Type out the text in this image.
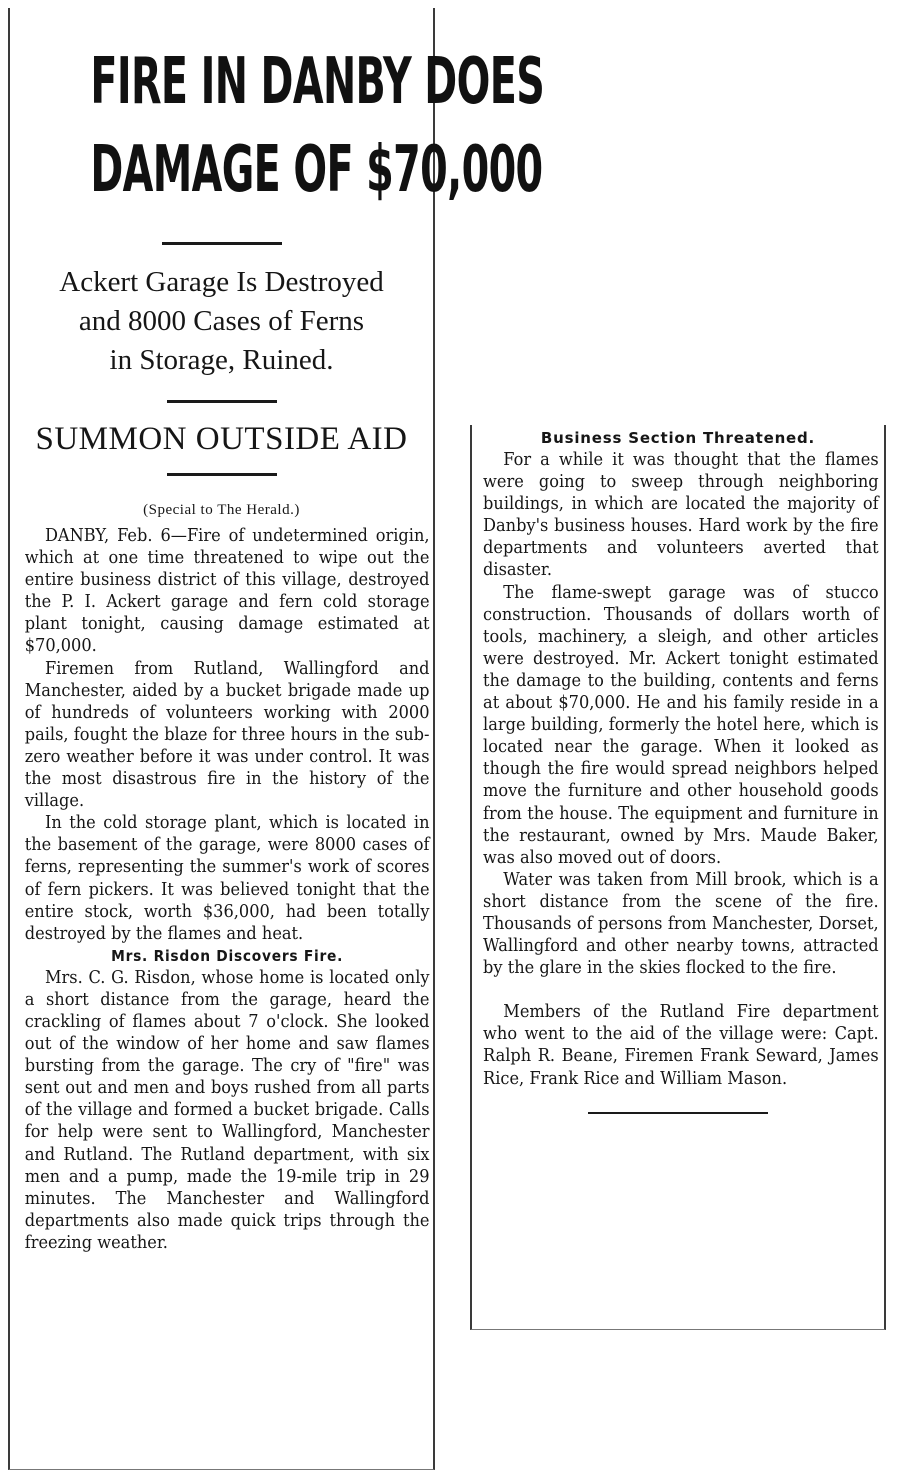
FIRE IN DANBY DOES
DAMAGE OF $70,000

Ackert Garage Is Destroyed

and 8000 Cases of Ferns

in Storage, Ruined.

SUMMON OUTSIDE AID

(Special to The Herald.)

DANBY, Feb. 6—Fire of undetermined origin, which at one time threatened to wipe out the entire business district of this village, destroyed the P. I. Ackert garage and fern cold storage plant tonight, causing damage estimated at $70,000.

Firemen from Rutland, Wallingford and Manchester, aided by a bucket brigade made up of hundreds of volunteers working with 2000 pails, fought the blaze for three hours in the sub-zero weather before it was under control. It was the most disastrous fire in the history of the village.

In the cold storage plant, which is located in the basement of the garage, were 8000 cases of ferns, representing the summer's work of scores of fern pickers. It was believed tonight that the entire stock, worth $36,000, had been totally destroyed by the flames and heat.

Mrs. Risdon Discovers Fire.

Mrs. C. G. Risdon, whose home is located only a short distance from the garage, heard the crackling of flames about 7 o'clock. She looked out of the window of her home and saw flames bursting from the garage. The cry of "fire" was sent out and men and boys rushed from all parts of the village and formed a bucket brigade. Calls for help were sent to Wallingford, Manchester and Rutland. The Rutland department, with six men and a pump, made the 19-mile trip in 29 minutes. The Manchester and Wallingford departments also made quick trips through the freezing weather.

Business Section Threatened.

For a while it was thought that the flames were going to sweep through neighboring buildings, in which are located the majority of Danby's business houses. Hard work by the fire departments and volunteers averted that disaster.

The flame-swept garage was of stucco construction. Thousands of dollars worth of tools, machinery, a sleigh, and other articles were destroyed. Mr. Ackert tonight estimated the damage to the building, contents and ferns at about $70,000. He and his family reside in a large building, formerly the hotel here, which is located near the garage. When it looked as though the fire would spread neighbors helped move the furniture and other household goods from the house. The equipment and furniture in the restaurant, owned by Mrs. Maude Baker, was also moved out of doors.

Water was taken from Mill brook, which is a short distance from the scene of the fire. Thousands of persons from Manchester, Dorset, Wallingford and other nearby towns, attracted by the glare in the skies flocked to the fire.

Members of the Rutland Fire department who went to the aid of the village were: Capt. Ralph R. Beane, Firemen Frank Seward, James Rice, Frank Rice and William Mason.
